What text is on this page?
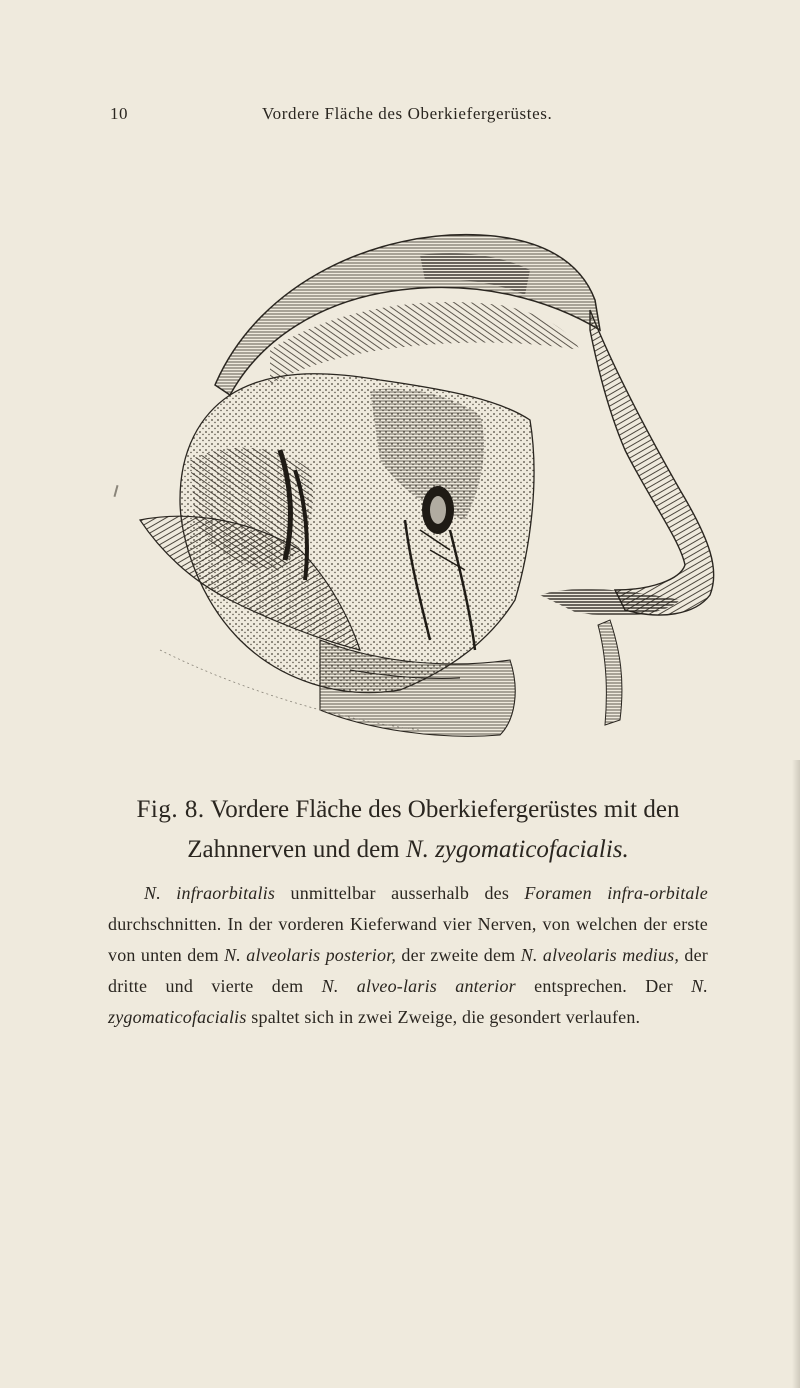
10	Vordere Fläche des Oberkiefergerüstes.
Fig. 8. Vordere Fläche des Oberkiefergerüstes mit den
Zahnnerven und dem N. zygomaticofacialis.
N. infraorbitalis unmittelbar ausserhalb des Foramen infra-orbitale durchschnitten. In der vorderen Kieferwand vier Nerven, von welchen der erste von unten dem N. alveolaris posterior, der zweite dem N. alveolaris medius, der dritte und vierte dem N. alveo-laris anterior entsprechen. Der N. zygomaticofacialis spaltet sich in zwei Zweige, die gesondert verlaufen.
